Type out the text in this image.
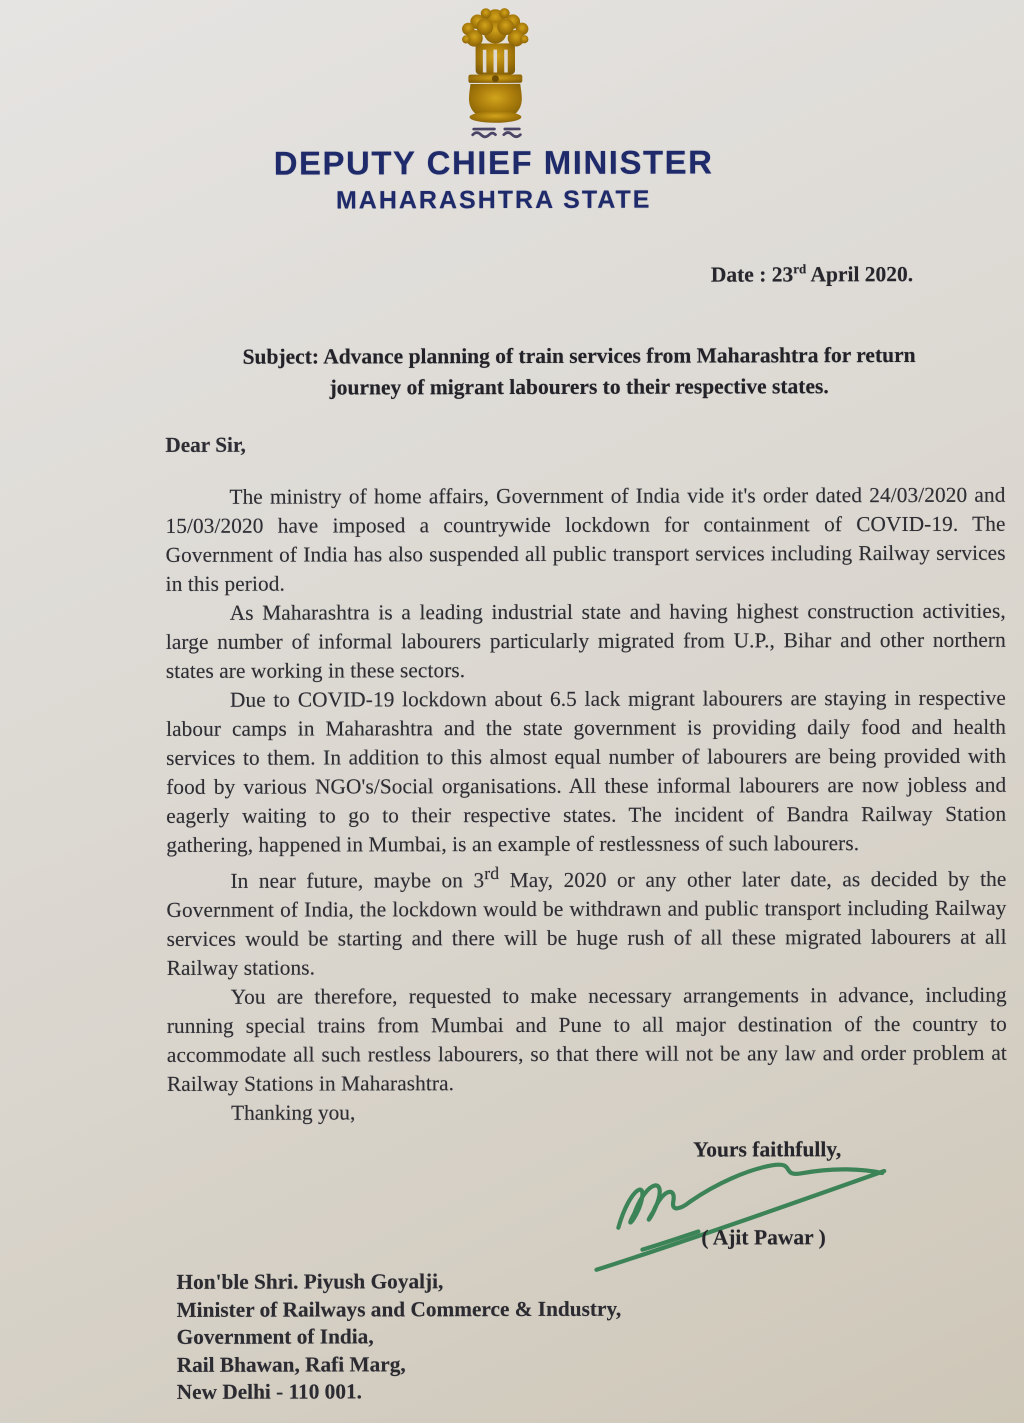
DEPUTY CHIEF MINISTER
MAHARASHTRA STATE
Date : 23rd April 2020.
Subject: Advance planning of train services from Maharashtra for return
journey of migrant labourers to their respective states.
Dear Sir,

The ministry of home affairs, Government of India vide it's order dated 24/03/2020 and 15/03/2020 have imposed a countrywide lockdown for containment of COVID-19. The Government of India has also suspended all public transport services including Railway services in this period.

As Maharashtra is a leading industrial state and having highest construction activities, large number of informal labourers particularly migrated from U.P., Bihar and other northern states are working in these sectors.

Due to COVID-19 lockdown about 6.5 lack migrant labourers are staying in respective labour camps in Maharashtra and the state government is providing daily food and health services to them. In addition to this almost equal number of labourers are being provided with food by various NGO's/Social organisations. All these informal labourers are now jobless and eagerly waiting to go to their respective states. The incident of Bandra Railway Station gathering, happened in Mumbai, is an example of restlessness of such labourers.

In near future, maybe on 3rd May, 2020 or any other later date, as decided by the Government of India, the lockdown would be withdrawn and public transport including Railway services would be starting and there will be huge rush of all these migrated labourers at all Railway stations.

You are therefore, requested to make necessary arrangements in advance, including running special trains from Mumbai and Pune to all major destination of the country to accommodate all such restless labourers, so that there will not be any law and order problem at Railway Stations in Maharashtra.

Thanking you,

Yours faithfully,
( Ajit Pawar )
Hon'ble Shri. Piyush Goyalji,
Minister of Railways and Commerce & Industry,
Government of India,
Rail Bhawan, Rafi Marg,
New Delhi - 110 001.
